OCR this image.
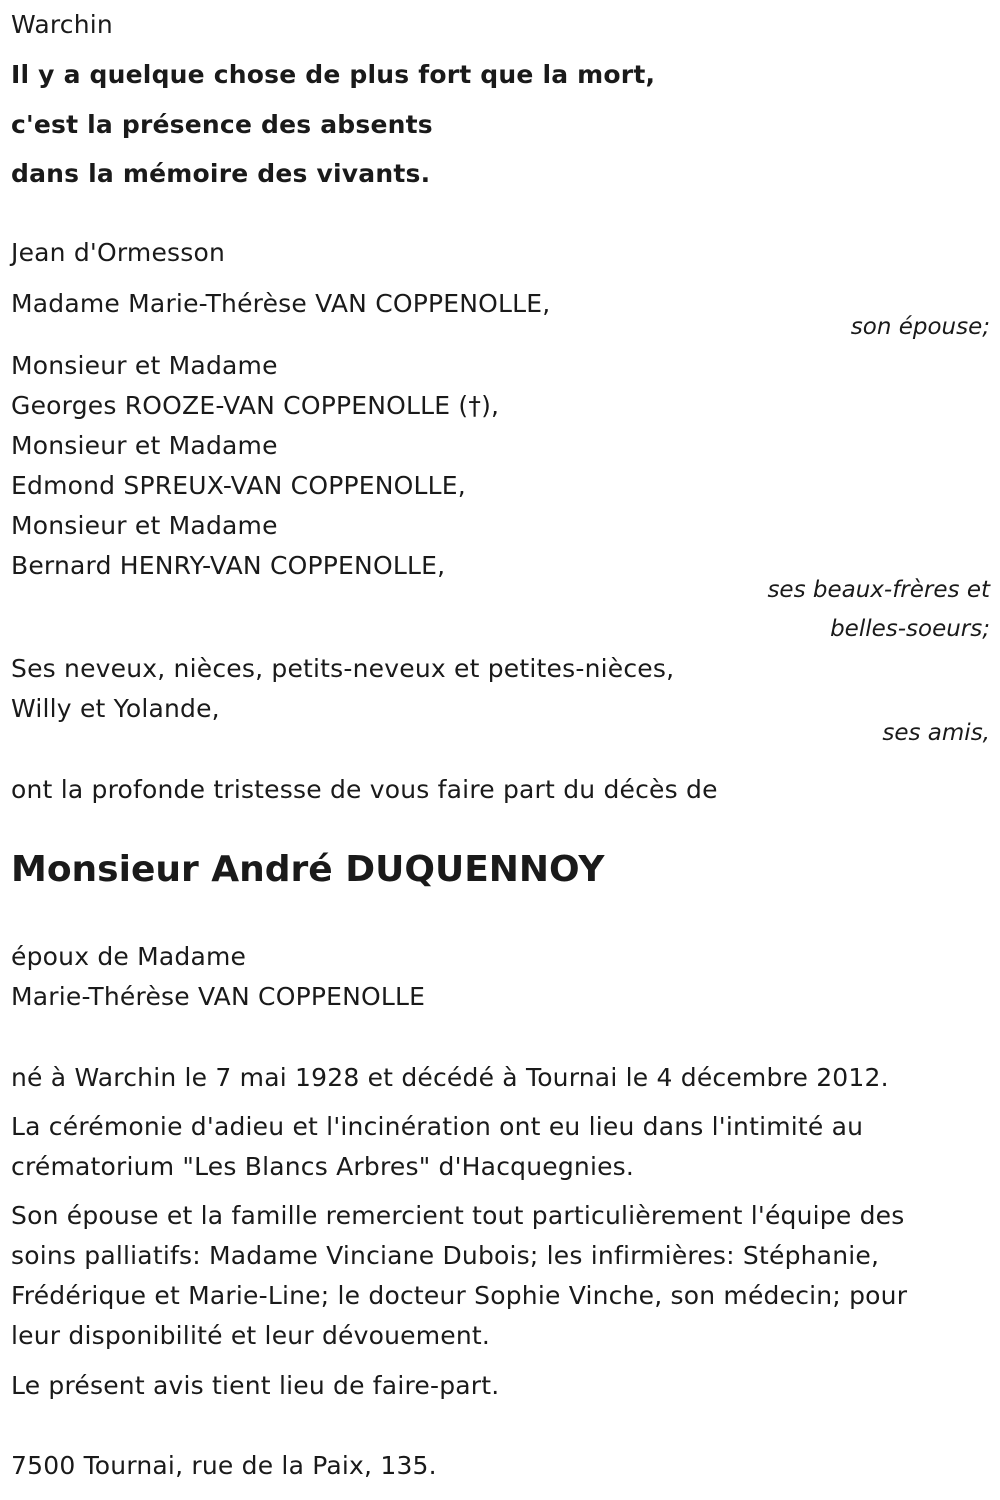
Warchin
Il y a quelque chose de plus fort que la mort,
c'est la présence des absents
dans la mémoire des vivants.
Jean d'Ormesson
Madame Marie-Thérèse VAN COPPENOLLE,
son épouse;
Monsieur et Madame
Georges ROOZE-VAN COPPENOLLE (†),
Monsieur et Madame
Edmond SPREUX-VAN COPPENOLLE,
Monsieur et Madame
Bernard HENRY-VAN COPPENOLLE,
ses beaux-frères et
belles-soeurs;
Ses neveux, nièces, petits-neveux et petites-nièces,
Willy et Yolande,
ses amis,
ont la profonde tristesse de vous faire part du décès de
Monsieur André DUQUENNOY
époux de Madame
Marie-Thérèse VAN COPPENOLLE
né à Warchin le 7 mai 1928 et décédé à Tournai le 4 décembre 2012.
La cérémonie d'adieu et l'incinération ont eu lieu dans l'intimité au
crématorium "Les Blancs Arbres" d'Hacquegnies.
Son épouse et la famille remercient tout particulièrement l'équipe des
soins palliatifs: Madame Vinciane Dubois; les infirmières: Stéphanie,
Frédérique et Marie-Line; le docteur Sophie Vinche, son médecin; pour
leur disponibilité et leur dévouement.
Le présent avis tient lieu de faire-part.
7500 Tournai, rue de la Paix, 135.
